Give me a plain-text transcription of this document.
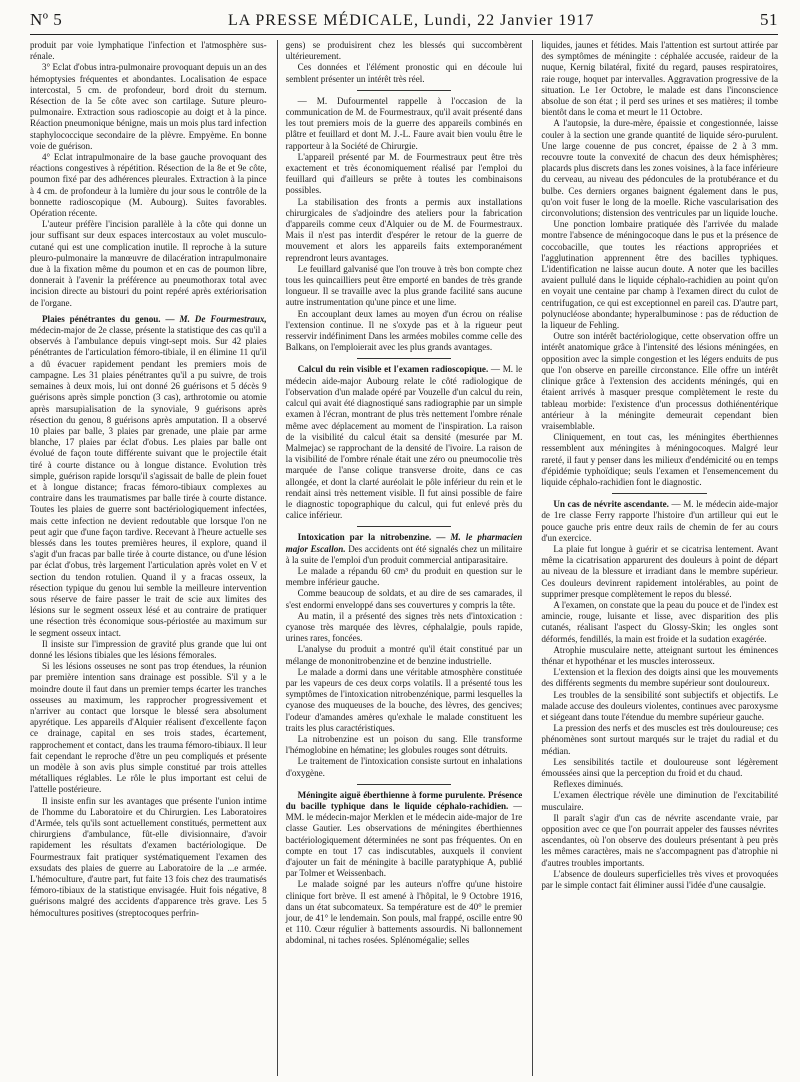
Nº 5	LA PRESSE MÉDICALE, Lundi, 22 Janvier 1917	51

produit par voie lymphatique l'infection et l'atmosphère sus-rénale.

3° Eclat d'obus intra-pulmonaire provoquant depuis un an des hémoptysies fréquentes et abondantes. Localisation 4e espace intercostal, 5 cm. de profondeur, bord droit du sternum. Résection de la 5e côte avec son cartilage. Suture pleuro-pulmonaire. Extraction sous radioscopie au doigt et à la pince. Réaction pneumonique bénigne, mais un mois plus tard infection staphylococcique secondaire de la plèvre. Empyème. En bonne voie de guérison.

4° Eclat intrapulmonaire de la base gauche provoquant des réactions congestives à répétition. Résection de la 8e et 9e côte, poumon fixé par des adhérences pleurales. Extraction à la pince à 4 cm. de profondeur à la lumière du jour sous le contrôle de la bonnette radioscopique (M. Aubourg). Suites favorables. Opération récente.

L'auteur préfère l'incision parallèle à la côte qui donne un jour suffisant sur deux espaces intercostaux au volet musculo-cutané qui est une complication inutile. Il reproche à la suture pleuro-pulmonaire la manœuvre de dilacération intrapulmonaire due à la fixation même du poumon et en cas de poumon libre, donnerait à l'avenir la préférence au pneumothorax total avec incision directe au bistouri du point repéré après extériorisation de l'organe.

Plaies pénétrantes du genou. — M. De Fourmestraux, médecin-major de 2e classe, présente la statistique des cas qu'il a observés à l'ambulance depuis vingt-sept mois. Sur 42 plaies pénétrantes de l'articulation fémoro-tibiale, il en élimine 11 qu'il a dû évacuer rapidement pendant les premiers mois de campagne. Les 31 plaies pénétrantes qu'il a pu suivre, de trois semaines à deux mois, lui ont donné 26 guérisons et 5 décès 9 guérisons après simple ponction (3 cas), arthrotomie ou atomie après marsupialisation de la synoviale, 9 guérisons après résection du genou, 8 guérisons après amputation. Il a observé 10 plaies par balle, 3 plaies par grenade, une plaie par arme blanche, 17 plaies par éclat d'obus. Les plaies par balle ont évolué de façon toute différente suivant que le projectile était tiré à courte distance ou à longue distance. Evolution très simple, guérison rapide lorsqu'il s'agissait de balle de plein fouet et à longue distance; fracas fémoro-tibiaux complexes au contraire dans les traumatismes par balle tirée à courte distance. Toutes les plaies de guerre sont bactériologiquement infectées, mais cette infection ne devient redoutable que lorsque l'on ne peut agir que d'une façon tardive. Recevant à l'heure actuelle ses blessés dans les toutes premières heures, il explore, quand il s'agit d'un fracas par balle tirée à courte distance, ou d'une lésion par éclat d'obus, très largement l'articulation après volet en V et section du tendon rotulien. Quand il y a fracas osseux, la résection typique du genou lui semble la meilleure intervention sous réserve de faire passer le trait de scie aux limites des lésions sur le segment osseux lésé et au contraire de pratiquer une résection très économique sous-périostée au maximum sur le segment osseux intact.

Il insiste sur l'impression de gravité plus grande que lui ont donné les lésions tibiales que les lésions fémorales.

Si les lésions osseuses ne sont pas trop étendues, la réunion par première intention sans drainage est possible. S'il y a le moindre doute il faut dans un premier temps écarter les tranches osseuses au maximum, les rapprocher progressivement et n'arriver au contact que lorsque le blessé sera absolument apyrétique. Les appareils d'Alquier réalisent d'excellente façon ce drainage, capital en ses trois stades, écartement, rapprochement et contact, dans les trauma fémoro-tibiaux. Il leur fait cependant le reproche d'être un peu compliqués et présente un modèle à son avis plus simple constitué par trois attelles métalliques réglables. Le rôle le plus important est celui de l'attelle postérieure.

Il insiste enfin sur les avantages que présente l'union intime de l'homme du Laboratoire et du Chirurgien. Les Laboratoires d'Armée, tels qu'ils sont actuellement constitués, permettent aux chirurgiens d'ambulance, fût-elle divisionnaire, d'avoir rapidement les résultats d'examen bactériologique. De Fourmestraux fait pratiquer systématiquement l'examen des exsudats des plaies de guerre au Laboratoire de la ...e armée. L'hémoculture, d'autre part, fut faite 13 fois chez des traumatisés fémoro-tibiaux de la statistique envisagée. Huit fois négative, 8 guérisons malgré des accidents d'apparence très grave. Les 5 hémocultures positives (streptocoques perfrin-

gens) se produisirent chez les blessés qui succombèrent ultérieurement.

Ces données et l'élément pronostic qui en découle lui semblent présenter un intérêt très réel.

— M. Dufourmentel rappelle à l'occasion de la communication de M. de Fourmestraux, qu'il avait présenté dans les tout premiers mois de la guerre des appareils combinés en plâtre et feuillard et dont M. J.-L. Faure avait bien voulu être le rapporteur à la Société de Chirurgie.

L'appareil présenté par M. de Fourmestraux peut être très exactement et très économiquement réalisé par l'emploi du feuillard qui d'ailleurs se prête à toutes les combinaisons possibles.

La stabilisation des fronts a permis aux installations chirurgicales de s'adjoindre des ateliers pour la fabrication d'appareils comme ceux d'Alquier ou de M. de Fourmestraux. Mais il n'est pas interdit d'espérer le retour de la guerre de mouvement et alors les appareils faits extemporanément reprendront leurs avantages.

Le feuillard galvanisé que l'on trouve à très bon compte chez tous les quincailliers peut être emporté en bandes de très grande longueur. Il se travaille avec la plus grande facilité sans aucune autre instrumentation qu'une pince et une lime.

En accouplant deux lames au moyen d'un écrou on réalise l'extension continue. Il ne s'oxyde pas et à la rigueur peut resservir indéfiniment Dans les armées mobiles comme celle des Balkans, on l'emploierait avec les plus grands avantages.

Calcul du rein visible et l'examen radioscopique. — M. le médecin aide-major Aubourg relate le côté radiologique de l'observation d'un malade opéré par Vouzelle d'un calcul du rein, calcul qui avait été diagnostiqué sans radiographie par un simple examen à l'écran, montrant de plus très nettement l'ombre rénale même avec déplacement au moment de l'inspiration. La raison de la visibilité du calcul était sa densité (mesurée par M. Malmejac) se rapprochant de la densité de l'ivoire. La raison de la visibilité de l'ombre rénale était une zéro ou pneumocolie très marquée de l'anse colique transverse droite, dans ce cas allongée, et dont la clarté auréolait le pôle inférieur du rein et le rendait ainsi très nettement visible. Il fut ainsi possible de faire le diagnostic topographique du calcul, qui fut enlevé près du calice inférieur.

Intoxication par la nitrobenzine. — M. le pharmacien major Escallon. Des accidents ont été signalés chez un militaire à la suite de l'emploi d'un produit commercial antiparasitaire.

Le malade a répandu 60 cm³ du produit en question sur le membre inférieur gauche.

Comme beaucoup de soldats, et au dire de ses camarades, il s'est endormi enveloppé dans ses couvertures y compris la tête.

Au matin, il a présenté des signes très nets d'intoxication : cyanose très marquée des lèvres, céphalalgie, pouls rapide, urines rares, foncées.

L'analyse du produit a montré qu'il était constitué par un mélange de mononitrobenzine et de benzine industrielle.

Le malade a dormi dans une véritable atmosphère constituée par les vapeurs de ces deux corps volatils. Il a présenté tous les symptômes de l'intoxication nitrobenzénique, parmi lesquelles la cyanose des muqueuses de la bouche, des lèvres, des gencives; l'odeur d'amandes amères qu'exhale le malade constituent les traits les plus caractéristiques.

La nitrobenzine est un poison du sang. Elle transforme l'hémoglobine en hématine; les globules rouges sont détruits.

Le traitement de l'intoxication consiste surtout en inhalations d'oxygène.

Méningite aiguë éberthienne à forme purulente. Présence du bacille typhique dans le liquide céphalo-rachidien. — MM. le médecin-major Merklen et le médecin aide-major de 1re classe Gautier. Les observations de méningites éberthiennes bactériologiquement déterminées ne sont pas fréquentes. On en compte en tout 17 cas indiscutables, auxquels il convient d'ajouter un fait de méningite à bacille paratyphique A, publié par Tolmer et Weissenbach.

Le malade soigné par les auteurs n'offre qu'une histoire clinique fort brève. Il est amené à l'hôpital, le 9 Octobre 1916, dans un état subcomateux. Sa température est de 40° le premier jour, de 41° le lendemain. Son pouls, mal frappé, oscille entre 90 et 110. Cœur régulier à battements assourdis. Ni ballonnement abdominal, ni taches rosées. Splénomégalie; selles

liquides, jaunes et fétides. Mais l'attention est surtout attirée par des symptômes de méningite : céphalée accusée, raideur de la nuque, Kernig bilatéral, fixité du regard, pauses respiratoires, raie rouge, hoquet par intervalles. Aggravation progressive de la situation. Le 1er Octobre, le malade est dans l'inconscience absolue de son état ; il perd ses urines et ses matières; il tombe bientôt dans le coma et meurt le 11 Octobre.

A l'autopsie, la dure-mère, épaissie et congestionnée, laisse couler à la section une grande quantité de liquide séro-purulent. Une large couenne de pus concret, épaisse de 2 à 3 mm. recouvre toute la convexité de chacun des deux hémisphères; placards plus discrets dans les zones voisines, à la face inférieure du cerveau, au niveau des pédoncules de la protubérance et du bulbe. Ces derniers organes baignent également dans le pus, qu'on voit fuser le long de la moelle. Riche vascularisation des circonvolutions; distension des ventricules par un liquide louche.

Une ponction lombaire pratiquée dès l'arrivée du malade montre l'absence de méningocoque dans le pus et la présence de coccobacille, que toutes les réactions appropriées et l'agglutination apprennent être des bacilles typhiques. L'identification ne laisse aucun doute. A noter que les bacilles avaient pullulé dans le liquide céphalo-rachidien au point qu'on en voyait une centaine par champ à l'examen direct du culot de centrifugation, ce qui est exceptionnel en pareil cas. D'autre part, polynucléose abondante; hyperalbuminose : pas de réduction de la liqueur de Fehling.

Outre son intérêt bactériologique, cette observation offre un intérêt anatomique grâce à l'intensité des lésions méningées, en opposition avec la simple congestion et les légers enduits de pus que l'on observe en pareille circonstance. Elle offre un intérêt clinique grâce à l'extension des accidents méningés, qui en étaient arrivés à masquer presque complètement le reste du tableau morbide: l'existence d'un processus dothiénentérique antérieur à la méningite demeurait cependant bien vraisemblable.

Cliniquement, en tout cas, les méningites éberthiennes ressemblent aux méningites à méningocoques. Malgré leur rareté, il faut y penser dans les milieux d'endémicité ou en temps d'épidémie typhoïdique; seuls l'examen et l'ensemencement du liquide céphalo-rachidien font le diagnostic.

Un cas de névrite ascendante. — M. le médecin aide-major de 1re classe Ferry rapporte l'histoire d'un artilleur qui eut le pouce gauche pris entre deux rails de chemin de fer au cours d'un exercice.

La plaie fut longue à guérir et se cicatrisa lentement. Avant même la cicatrisation apparurent des douleurs à point de départ au niveau de la blessure et irradiant dans le membre supérieur. Ces douleurs devinrent rapidement intolérables, au point de supprimer presque complètement le repos du blessé.

A l'examen, on constate que la peau du pouce et de l'index est amincie, rouge, luisante et lisse, avec disparition des plis cutanés, réalisant l'aspect du Glossy-Skin; les ongles sont déformés, fendillés, la main est froide et la sudation exagérée.

Atrophie musculaire nette, atteignant surtout les éminences thénar et hypothénar et les muscles interosseux.

L'extension et la flexion des doigts ainsi que les mouvements des différents segments du membre supérieur sont douloureux.

Les troubles de la sensibilité sont subjectifs et objectifs. Le malade accuse des douleurs violentes, continues avec paroxysme et siégeant dans toute l'étendue du membre supérieur gauche.

La pression des nerfs et des muscles est très douloureuse; ces phénomènes sont surtout marqués sur le trajet du radial et du médian.

Les sensibilités tactile et douloureuse sont légèrement émoussées ainsi que la perception du froid et du chaud.

Reflexes diminués.

L'examen électrique révèle une diminution de l'excitabilité musculaire.

Il paraît s'agir d'un cas de névrite ascendante vraie, par opposition avec ce que l'on pourrait appeler des fausses névrites ascendantes, où l'on observe des douleurs présentant à peu près les mêmes caractères, mais ne s'accompagnent pas d'atrophie ni d'autres troubles importants.

L'absence de douleurs superficielles très vives et provoquées par le simple contact fait éliminer aussi l'idée d'une causalgie.
